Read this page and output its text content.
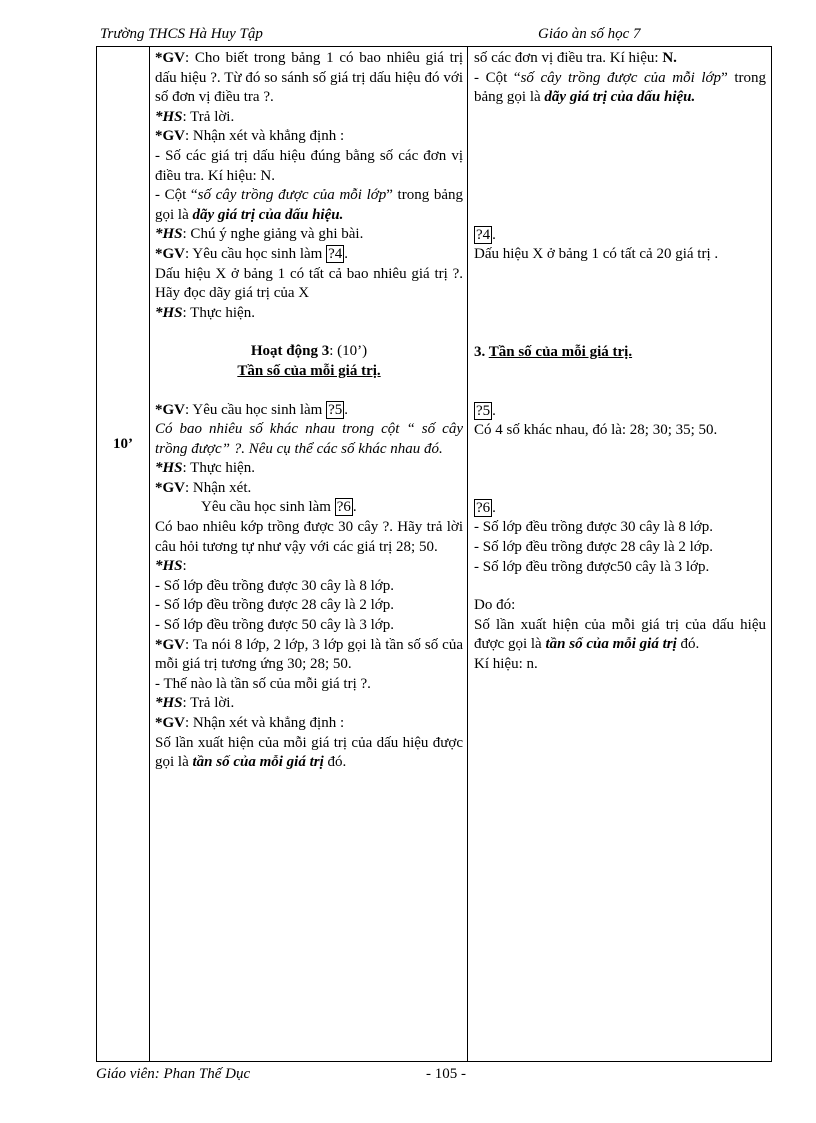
Trường THCS Hà Huy Tập	Giáo àn số học 7
10’

*GV: Cho biết trong bảng 1 có bao nhiêu giá trị dấu hiệu ?. Từ đó so sánh số giá trị dấu hiệu đó với số đơn vị điều tra ?.

*HS: Trả lời.

*GV: Nhận xét và khẳng định :

- Số các giá trị dấu hiệu đúng bằng số các đơn vị điều tra. Kí hiệu: N.

- Cột “số cây trồng được của mỗi lớp” trong bảng gọi là dãy giá trị của dấu hiệu.

*HS: Chú ý nghe giảng và ghi bài.

*GV: Yêu cầu học sinh làm ?4 .

Dấu hiệu X ở bảng 1 có tất cả bao nhiêu giá trị ?. Hãy đọc dãy giá trị của X

*HS: Thực hiện.

Hoạt động 3: (10’)

Tần số của mỗi giá trị.

*GV: Yêu cầu học sinh làm ?5 .

Có bao nhiêu số khác nhau trong cột “ số cây trồng được” ?. Nêu cụ thể các số khác nhau đó.

*HS: Thực hiện.

*GV: Nhận xét.

Yêu cầu học sinh làm ?6 .

Có bao nhiêu kớp trồng được 30 cây ?. Hãy trả lời câu hỏi tương tự như vậy với các giá trị 28; 50.

*HS:

- Số lớp đều trồng được 30 cây là 8 lớp.

- Số lớp đều trồng được 28 cây là 2 lớp.

- Số lớp đều trồng được 50 cây là 3 lớp.

*GV: Ta nói 8 lớp, 2 lớp, 3 lớp gọi là tần số số của mỗi giá trị tương ứng 30; 28; 50.

- Thế nào là tần số của mỗi giá trị ?.

*HS: Trả lời.

*GV: Nhận xét và khẳng định :

Số lần xuất hiện của mỗi giá trị của dấu hiệu được gọi là tần số của mỗi giá trị đó.

số các đơn vị điều tra. Kí hiệu: N.

- Cột “số cây trồng được của mỗi lớp” trong bảng gọi là dãy giá trị của dấu hiệu.

?4 .

Dấu hiệu X ở bảng 1 có tất cả 20 giá trị .

3. Tần số của mỗi giá trị.

?5 .

Có 4 số khác nhau, đó là: 28; 30; 35; 50.

?6 .

- Số lớp đều trồng được 30 cây là 8 lớp.

- Số lớp đều trồng được 28 cây là 2 lớp.

- Số lớp đều trồng được50 cây là 3 lớp.

Do đó:

Số lần xuất hiện của mỗi giá trị của dấu hiệu được gọi là tần số của mỗi giá trị đó.

Kí hiệu: n.

Giáo viên: Phan Thế Dục	- 105 -
